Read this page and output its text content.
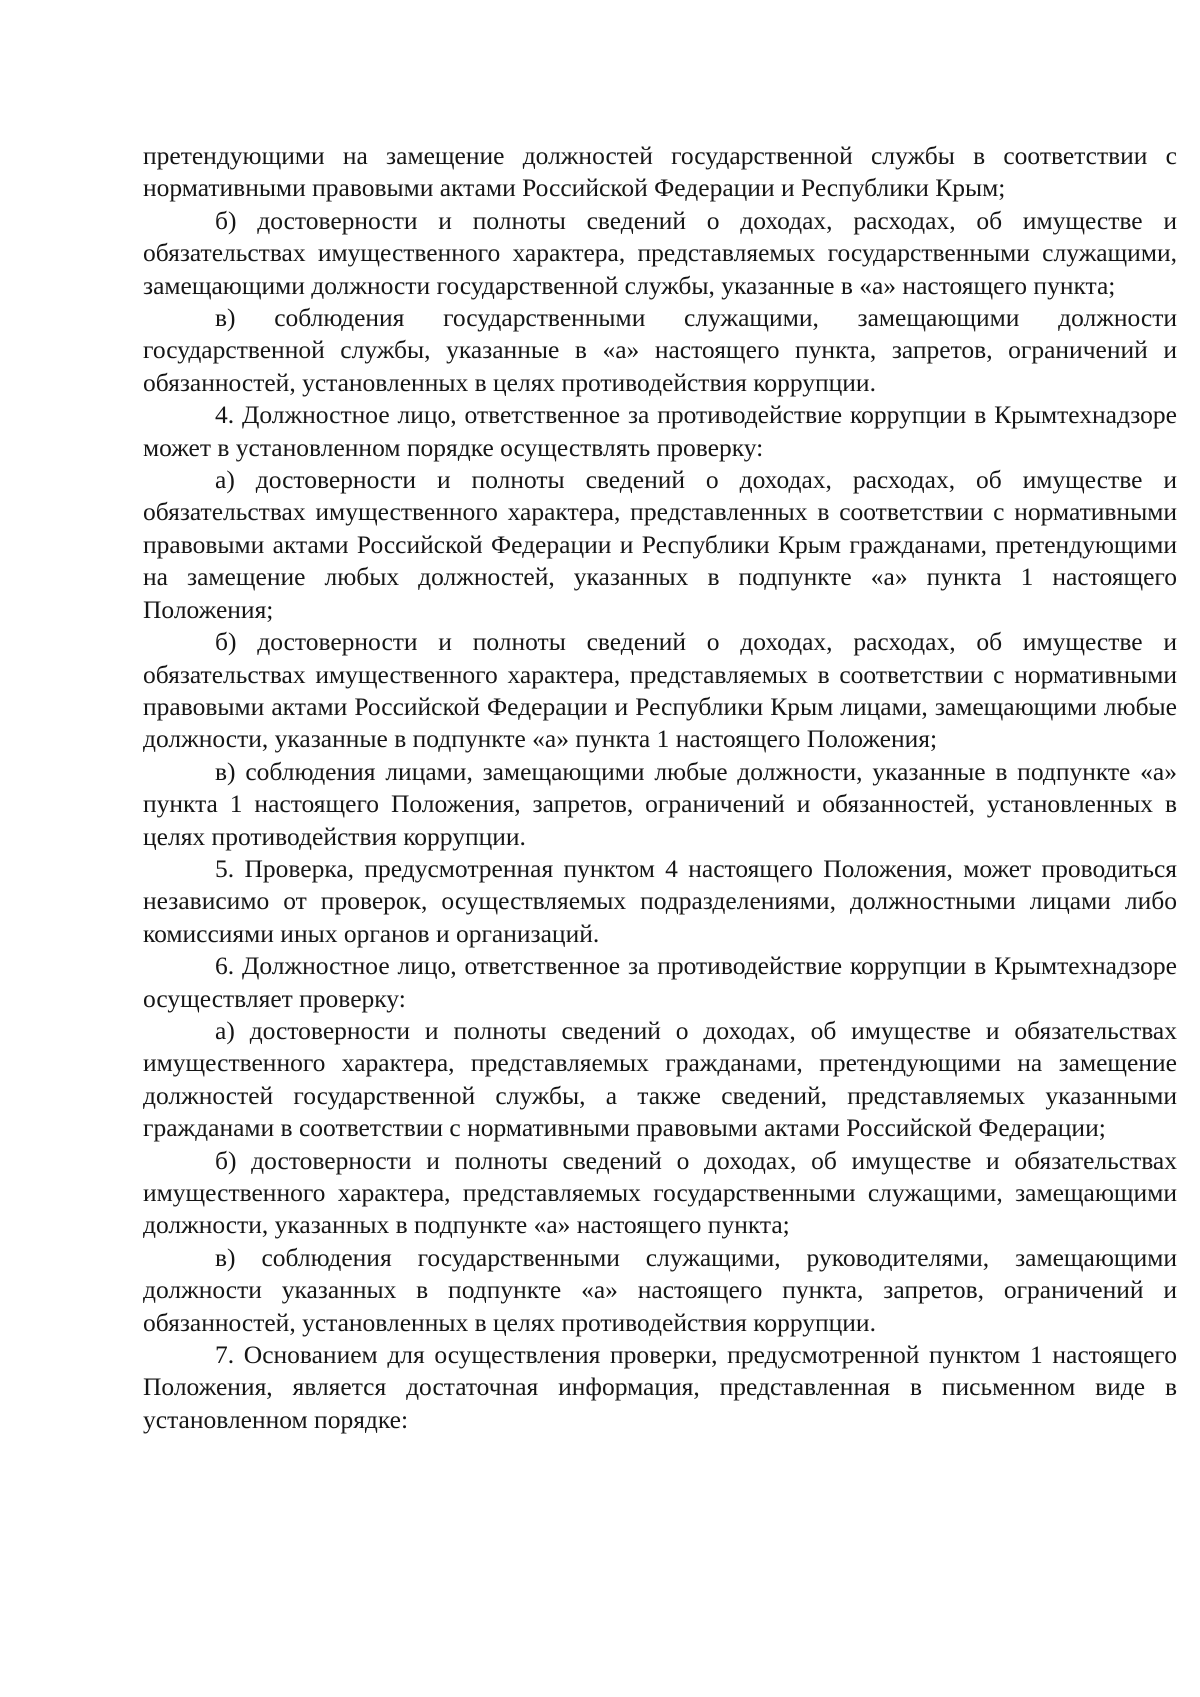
претендующими на замещение должностей государственной службы в соответствии с нормативными правовыми актами Российской Федерации и Республики Крым;

б) достоверности и полноты сведений о доходах, расходах, об имуществе и обязательствах имущественного характера, представляемых государственными служащими, замещающими должности государственной службы, указанные в «а» настоящего пункта;

в) соблюдения государственными служащими, замещающими должности государственной службы, указанные в «а» настоящего пункта, запретов, ограничений и обязанностей, установленных в целях противодействия коррупции.

4. Должностное лицо, ответственное за противодействие коррупции в Крымтехнадзоре может в установленном порядке осуществлять проверку:

а) достоверности и полноты сведений о доходах, расходах, об имуществе и обязательствах имущественного характера, представленных в соответствии с нормативными правовыми актами Российской Федерации и Республики Крым гражданами, претендующими на замещение любых должностей, указанных в подпункте «а» пункта 1 настоящего Положения;

б) достоверности и полноты сведений о доходах, расходах, об имуществе и обязательствах имущественного характера, представляемых в соответствии с нормативными правовыми актами Российской Федерации и Республики Крым лицами, замещающими любые должности, указанные в подпункте «а» пункта 1 настоящего Положения;

в) соблюдения лицами, замещающими любые должности, указанные в подпункте «а» пункта 1 настоящего Положения, запретов, ограничений и обязанностей, установленных в целях противодействия коррупции.

5. Проверка, предусмотренная пунктом 4 настоящего Положения, может проводиться независимо от проверок, осуществляемых подразделениями, должностными лицами либо комиссиями иных органов и организаций.

6. Должностное лицо, ответственное за противодействие коррупции в Крымтехнадзоре осуществляет проверку:

а) достоверности и полноты сведений о доходах, об имуществе и обязательствах имущественного характера, представляемых гражданами, претендующими на замещение должностей государственной службы, а также сведений, представляемых указанными гражданами в соответствии с нормативными правовыми актами Российской Федерации;

б) достоверности и полноты сведений о доходах, об имуществе и обязательствах имущественного характера, представляемых государственными служащими, замещающими должности, указанных в подпункте «а» настоящего пункта;

в) соблюдения государственными служащими, руководителями, замещающими должности указанных в подпункте «а» настоящего пункта, запретов, ограничений и обязанностей, установленных в целях противодействия коррупции.

7. Основанием для осуществления проверки, предусмотренной пунктом 1 настоящего Положения, является достаточная информация, представленная в письменном виде в установленном порядке:
